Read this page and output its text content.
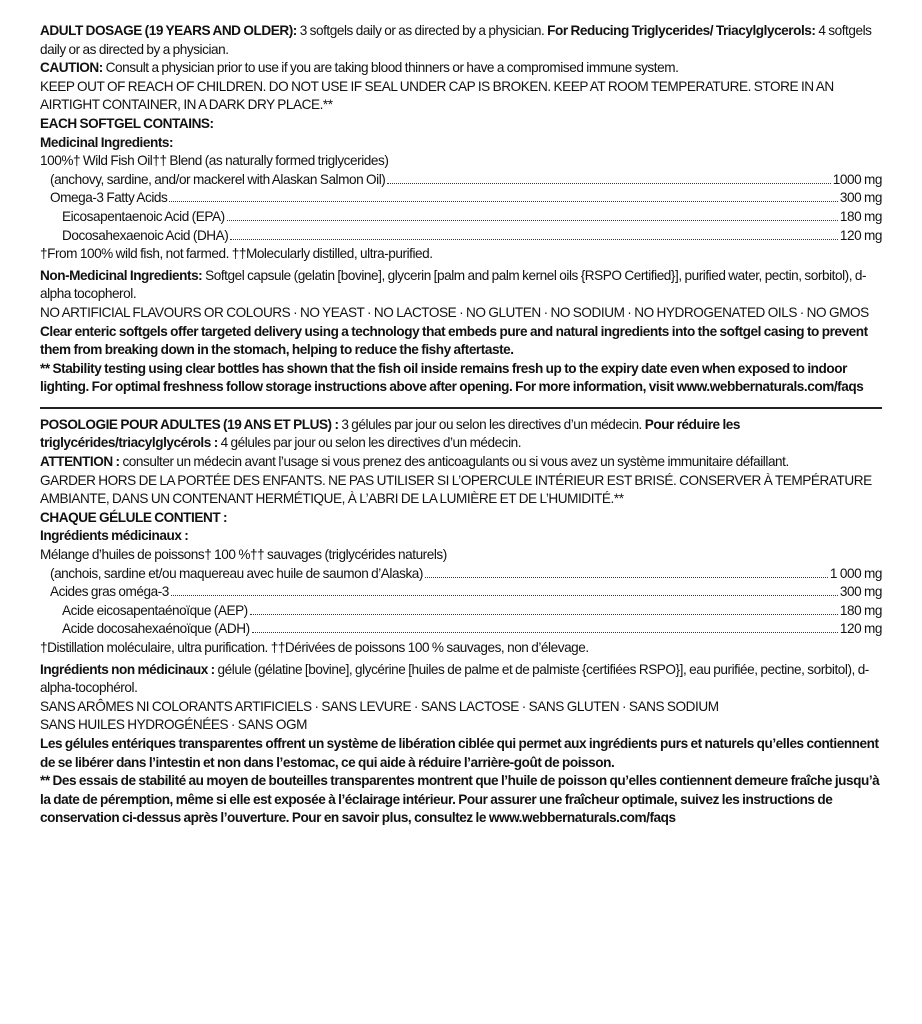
ADULT DOSAGE (19 YEARS AND OLDER): 3 softgels daily or as directed by a physician. For Reducing Triglycerides/ Triacylglycerols: 4 softgels daily or as directed by a physician.

CAUTION: Consult a physician prior to use if you are taking blood thinners or have a compromised immune system.

KEEP OUT OF REACH OF CHILDREN. DO NOT USE IF SEAL UNDER CAP IS BROKEN. KEEP AT ROOM TEMPERATURE. STORE IN AN AIRTIGHT CONTAINER, IN A DARK DRY PLACE.**

EACH SOFTGEL CONTAINS:

Medicinal Ingredients:

100%† Wild Fish Oil†† Blend (as naturally formed triglycerides)

(anchovy, sardine, and/or mackerel with Alaskan Salmon Oil)	1000 mg
Omega-3 Fatty Acids	300 mg
Eicosapentaenoic Acid (EPA)	180 mg
Docosahexaenoic Acid (DHA)	120 mg

†From 100% wild fish, not farmed. ††Molecularly distilled, ultra-purified.

Non-Medicinal Ingredients: Softgel capsule (gelatin [bovine], glycerin [palm and palm kernel oils {RSPO Certified}], purified water, pectin, sorbitol), d-alpha tocopherol.

NO ARTIFICIAL FLAVOURS OR COLOURS · NO YEAST · NO LACTOSE · NO GLUTEN · NO SODIUM · NO HYDROGENATED OILS · NO GMOS

Clear enteric softgels offer targeted delivery using a technology that embeds pure and natural ingredients into the softgel casing to prevent them from breaking down in the stomach, helping to reduce the fishy aftertaste.

** Stability testing using clear bottles has shown that the fish oil inside remains fresh up to the expiry date even when exposed to indoor lighting. For optimal freshness follow storage instructions above after opening. For more information, visit www.webbernaturals.com/faqs

POSOLOGIE POUR ADULTES (19 ANS ET PLUS) : 3 gélules par jour ou selon les directives d’un médecin. Pour réduire les triglycérides/triacylglycérols : 4 gélules par jour ou selon les directives d’un médecin.

ATTENTION : consulter un médecin avant l’usage si vous prenez des anticoagulants ou si vous avez un système immunitaire défaillant.

GARDER HORS DE LA PORTÉE DES ENFANTS. NE PAS UTILISER SI L’OPERCULE INTÉRIEUR EST BRISÉ. CONSERVER À TEMPÉRATURE AMBIANTE, DANS UN CONTENANT HERMÉTIQUE, À L’ABRI DE LA LUMIÈRE ET DE L’HUMIDITÉ.**

CHAQUE GÉLULE CONTIENT :

Ingrédients médicinaux :

Mélange d’huiles de poissons† 100 %†† sauvages (triglycérides naturels)

(anchois, sardine et/ou maquereau avec huile de saumon d’Alaska)	1 000 mg
Acides gras oméga-3	300 mg
Acide eicosapentaénoïque (AEP)	180 mg
Acide docosahexaénoïque (ADH)	120 mg

†Distillation moléculaire, ultra purification. ††Dérivées de poissons 100 % sauvages, non d’élevage.

Ingrédients non médicinaux : gélule (gélatine [bovine], glycérine [huiles de palme et de palmiste {certifiées RSPO}], eau purifiée, pectine, sorbitol), d-alpha-tocophérol.

SANS ARÔMES NI COLORANTS ARTIFICIELS · SANS LEVURE · SANS LACTOSE · SANS GLUTEN · SANS SODIUM

SANS HUILES HYDROGÉNÉES · SANS OGM

Les gélules entériques transparentes offrent un système de libération ciblée qui permet aux ingrédients purs et naturels qu’elles contiennent de se libérer dans l’intestin et non dans l’estomac, ce qui aide à réduire l’arrière-goût de poisson.

** Des essais de stabilité au moyen de bouteilles transparentes montrent que l’huile de poisson qu’elles contiennent demeure fraîche jusqu’à la date de péremption, même si elle est exposée à l’éclairage intérieur. Pour assurer une fraîcheur optimale, suivez les instructions de conservation ci-dessus après l’ouverture. Pour en savoir plus, consultez le www.webbernaturals.com/faqs
